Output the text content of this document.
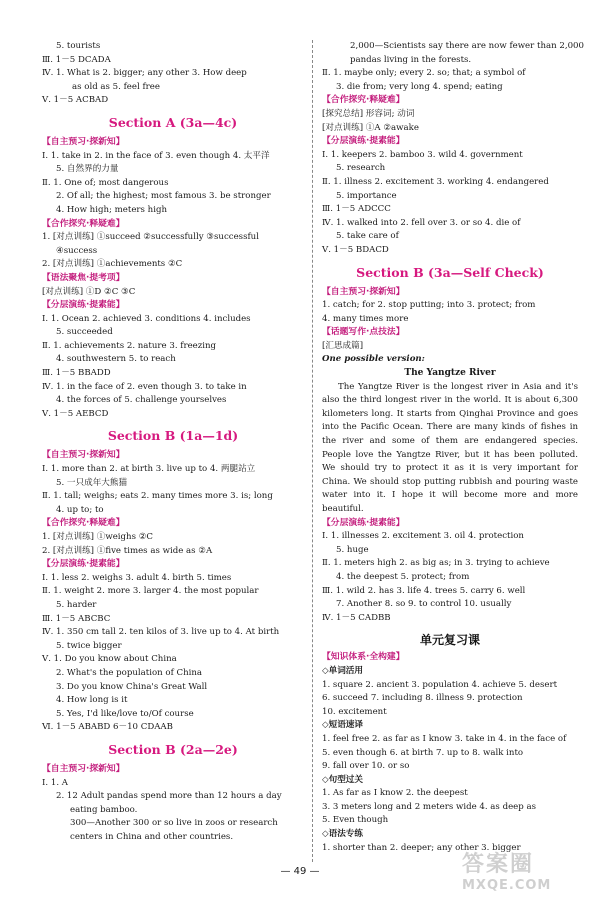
5. tourists
Ⅲ. 1－5 DCADA
Ⅳ. 1. What is 2. bigger; any other 3. How deep
as old as 5. feel free
Ⅴ. 1－5 ACBAD
Section A (3a—4c)
【自主预习·探新知】
Ⅰ. 1. take in 2. in the face of 3. even though 4. 太平洋
5. 自然界的力量
Ⅱ. 1. One of; most dangerous
2. Of all; the highest; most famous 3. be stronger
4. How high; meters high
【合作探究·释疑难】
1. [对点训练] ①succeed ②successfully ③successful
④success
2. [对点训练] ①achievements ②C
【语法聚焦·提考项】
[对点训练] ①D ②C ③C
【分层演练·提素能】
Ⅰ. 1. Ocean 2. achieved 3. conditions 4. includes
5. succeeded
Ⅱ. 1. achievements 2. nature 3. freezing
4. southwestern 5. to reach
Ⅲ. 1－5 BBADD
Ⅳ. 1. in the face of 2. even though 3. to take in
4. the forces of 5. challenge yourselves
Ⅴ. 1－5 AEBCD
Section B (1a—1d)
【自主预习·探新知】
Ⅰ. 1. more than 2. at birth 3. live up to 4. 两腿站立
5. 一只成年大熊猫
Ⅱ. 1. tall; weighs; eats 2. many times more 3. is; long
4. up to; to
【合作探究·释疑难】
1. [对点训练] ①weighs ②C
2. [对点训练] ①five times as wide as ②A
【分层演练·提素能】
Ⅰ. 1. less 2. weighs 3. adult 4. birth 5. times
Ⅱ. 1. weight 2. more 3. larger 4. the most popular
5. harder
Ⅲ. 1－5 ABCBC
Ⅳ. 1. 350 cm tall 2. ten kilos of 3. live up to 4. At birth
5. twice bigger
Ⅴ. 1. Do you know about China
2. What's the population of China
3. Do you know China's Great Wall
4. How long is it
5. Yes, I'd like/love to/Of course
Ⅵ. 1－5 ABABD 6－10 CDAAB
Section B (2a—2e)
【自主预习·探新知】
Ⅰ. 1. A
2. 12 Adult pandas spend more than 12 hours a day
eating bamboo.
300—Another 300 or so live in zoos or research
centers in China and other countries.
2,000—Scientists say there are now fewer than 2,000
pandas living in the forests.
Ⅱ. 1. maybe only; every 2. so; that; a symbol of
3. die from; very long 4. spend; eating
【合作探究·释疑难】
[探究总结] 形容词; 动词
[对点训练] ①A ②awake
【分层演练·提素能】
Ⅰ. 1. keepers 2. bamboo 3. wild 4. government
5. research
Ⅱ. 1. illness 2. excitement 3. working 4. endangered
5. importance
Ⅲ. 1－5 ADCCC
Ⅳ. 1. walked into 2. fell over 3. or so 4. die of
5. take care of
Ⅴ. 1－5 BDACD
Section B (3a—Self Check)
【自主预习·探新知】
1. catch; for 2. stop putting; into 3. protect; from
4. many times more
【话题写作·点技法】
[汇思成篇]
One possible version:
The Yangtze River
The Yangtze River is the longest river in Asia and it's also the third longest river in the world. It is about 6,300 kilometers long. It starts from Qinghai Province and goes into the Pacific Ocean. There are many kinds of fishes in the river and some of them are endangered species. People love the Yangtze River, but it has been polluted. We should try to protect it as it is very important for China. We should stop putting rubbish and pouring waste water into it. I hope it will become more and more beautiful.
【分层演练·提素能】
Ⅰ. 1. illnesses 2. excitement 3. oil 4. protection
5. huge
Ⅱ. 1. meters high 2. as big as; in 3. trying to achieve
4. the deepest 5. protect; from
Ⅲ. 1. wild 2. has 3. life 4. trees 5. carry 6. well
7. Another 8. so 9. to control 10. usually
Ⅳ. 1－5 CADBB
单元复习课
【知识体系·全构建】
◇单词活用
1. square 2. ancient 3. population 4. achieve 5. desert
6. succeed 7. including 8. illness 9. protection
10. excitement
◇短语速译
1. feel free 2. as far as I know 3. take in 4. in the face of
5. even though 6. at birth 7. up to 8. walk into
9. fall over 10. or so
◇句型过关
1. As far as I know 2. the deepest
3. 3 meters long and 2 meters wide 4. as deep as
5. Even though
◇语法专练
1. shorter than 2. deeper; any other 3. bigger
— 49 —	答案圈
MXQE.COM
